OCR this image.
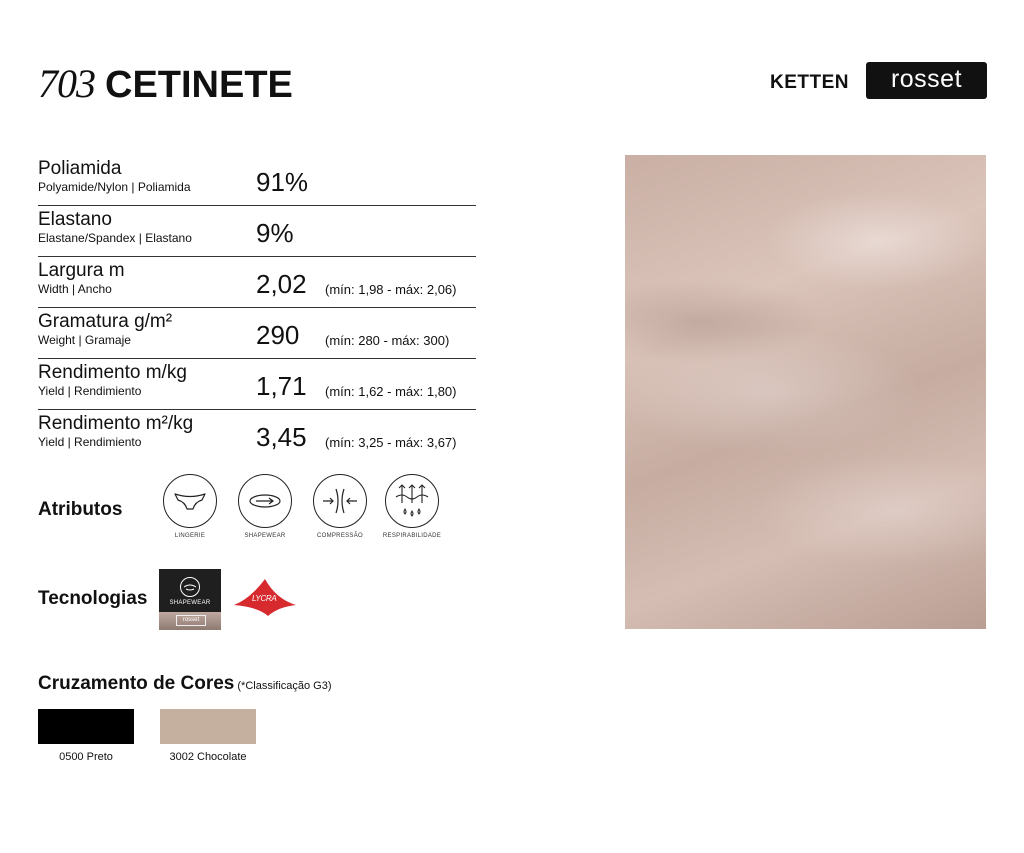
703 CETINETE	KETTEN	rosset
Poliamida
Polyamide/Nylon | Poliamida	91%
Elastano
Elastane/Spandex | Elastano 9%
Largura m
Width | Ancho	2,02 (mín: 1,98 - máx: 2,06)
Gramatura g/m²
Weight | Gramaje	290 (mín: 280 - máx: 300)
Rendimento m/kg
Yield | Rendimiento	1,71 (mín: 1,62 - máx: 1,80)
Rendimento m²/kg
Yield | Rendimiento	3,45 (mín: 3,25 - máx: 3,67)
Atributos
LINGERIE	SHAPEWEAR	COMPRESSÃO	RESPIRABILIDADE
Tecnologias	SHAPEWEAR
rosset
LYCRA
Cruzamento de Cores (*Classificação G3)
0500 Preto	3002 Chocolate
